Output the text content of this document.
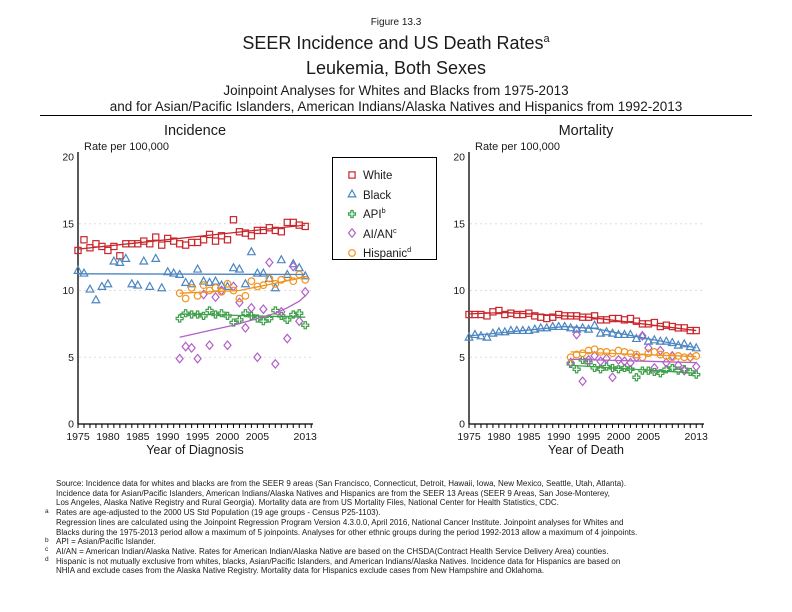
Figure 13.3
SEER Incidence and US Death Rates$^a$
Leukemia, Both Sexes
Joinpoint Analyses for Whites and Blacks from 1975-2013
and for Asian/Pacific Islanders, American Indians/Alaska Natives and Hispanics from 1992-2013
Incidence	Mortality
Rate per 100,000	Rate per 100,000
0
5
10
15
20
1975 1980 1985 1990 1995 2000 2005 2013
0
5
10
15
20
1975 1980 1985 1990 1995 2000 2005 2013
Year of Diagnosis	Year of Death
White
Black
API$^b$
$AI/AN^c$
Hispanic$^d$
Source: Incidence data for whites and blacks are from the SEER 9 areas (San Francisco, Connecticut, Detroit, Hawaii, Iowa, New Mexico, Seattle, Utah, Atlanta).
Incidence data for Asian/Pacific Islanders, American Indians/Alaska Natives and Hispanics are from the SEER 13 Areas (SEER 9 Areas, San Jose-Monterey,
Los Angeles, Alaska Native Registry and Rural Georgia). Mortality data are from US Mortality Files, National Center for Health Statistics, CDC.
a Rates are age-adjusted to the 2000 US Std Population (19 age groups - Census P25-1103).
Regression lines are calculated using the Joinpoint Regression Program Version 4.3.0.0, April 2016, National Cancer Institute. Joinpoint analyses for Whites and
Blacks during the 1975-2013 period allow a maximum of 5 joinpoints. Analyses for other ethnic groups during the period 1992-2013 allow a maximum of 4 joinpoints.
b API = Asian/Pacific Islander.
c AI/AN = American Indian/Alaska Native. Rates for American Indian/Alaska Native are based on the CHSDA(Contract Health Service Delivery Area) counties.
d Hispanic is not mutually exclusive from whites, blacks, Asian/Pacific Islanders, and American Indians/Alaska Natives. Incidence data for Hispanics are based on
NHIA and exclude cases from the Alaska Native Registry. Mortality data for Hispanics exclude cases from New Hampshire and Oklahoma.
